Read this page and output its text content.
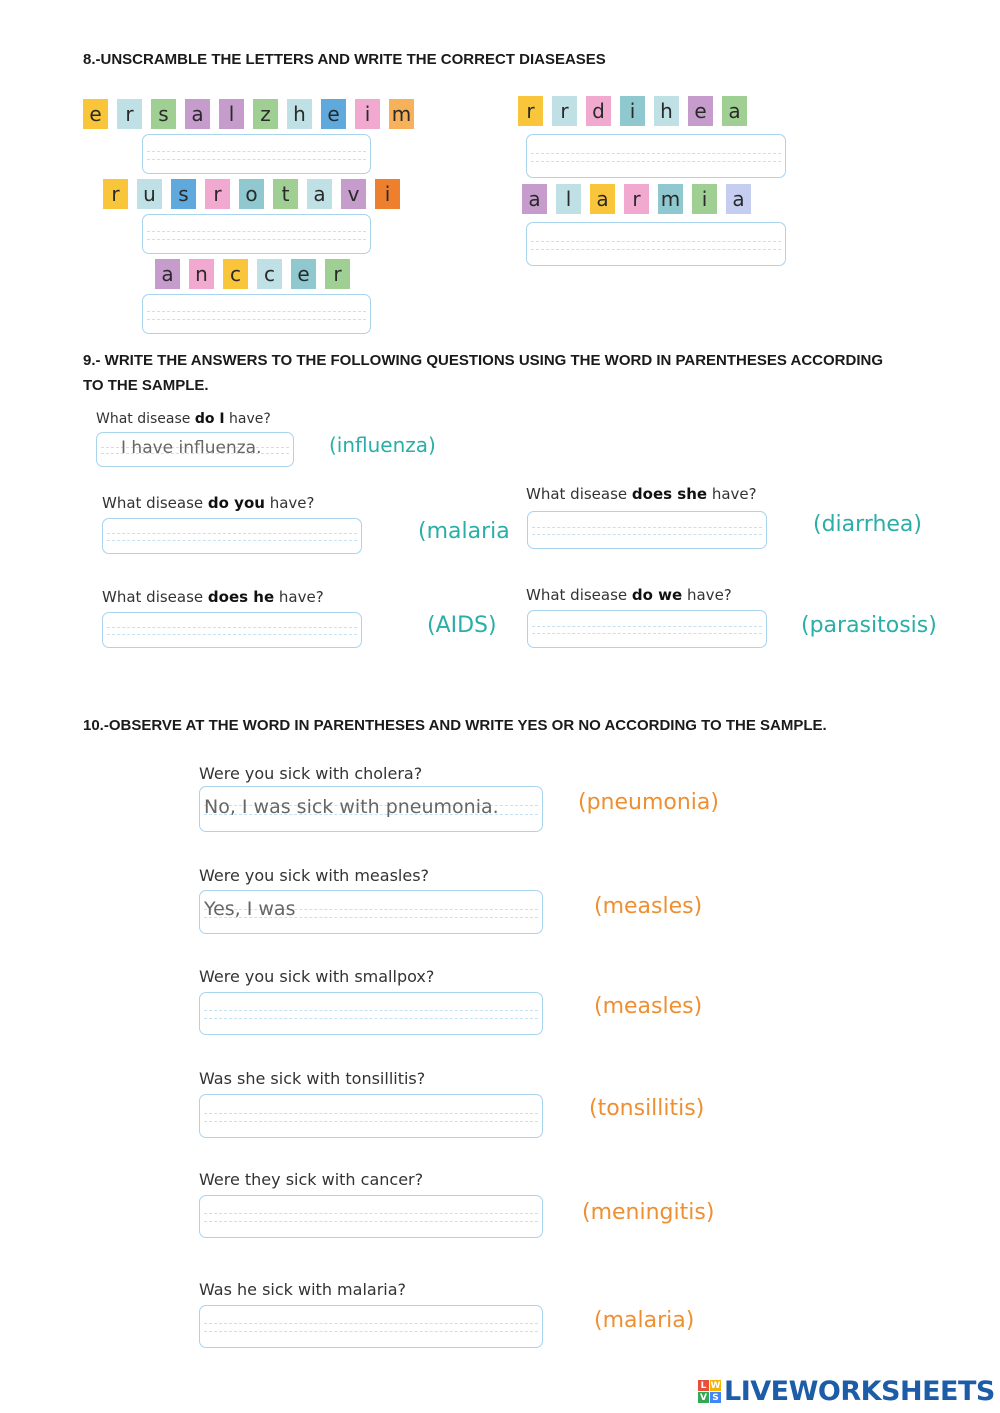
8.-UNSCRAMBLE THE LETTERS AND WRITE THE CORRECT DIASEASES
e	r	s	a	l	z	h	e	i	m
r	u	s	r	o	t	a	v	i
a	n	c	c	e	r
r	r	d	i	h	e	a
a	l	a	r	m	i	a
9.- WRITE THE ANSWERS TO THE FOLLOWING QUESTIONS USING THE WORD IN PARENTHESES ACCORDING
TO THE SAMPLE.
What disease do I have?
I have influenza.	(influenza)
What disease do you have?
(malaria
What disease does she have?
(diarrhea)
What disease does he have?
(AIDS)
What disease do we have?
(parasitosis)
10.-OBSERVE AT THE WORD IN PARENTHESES AND WRITE YES OR NO ACCORDING TO THE SAMPLE.
Were you sick with cholera?
No, I was sick with pneumonia.	(pneumonia)
Were you sick with measles?
Yes, I was	(measles)
Were you sick with smallpox?
(measles)
Was she sick with tonsillitis?
(tonsillitis)
Were they sick with cancer?
(meningitis)
Was he sick with malaria?
(malaria)
L W
V S LIVEWORKSHEETS
